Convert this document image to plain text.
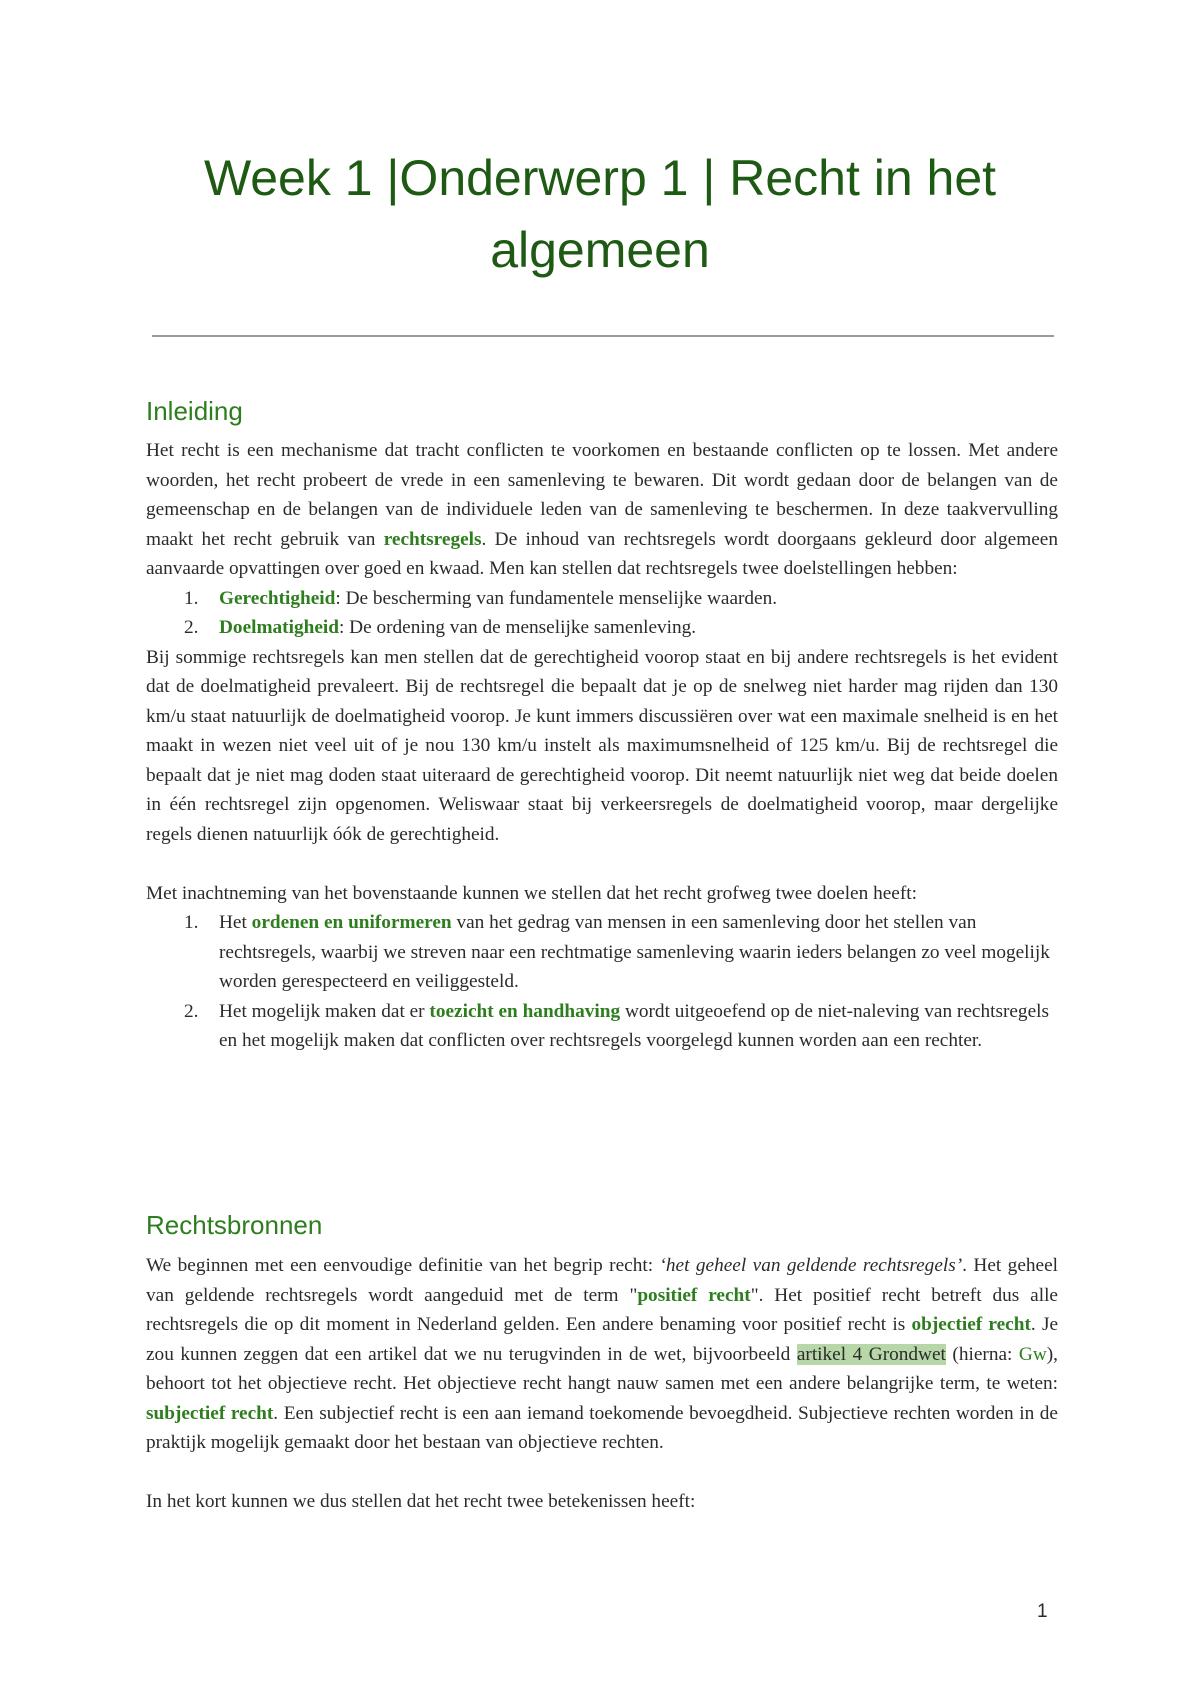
Week 1 |Onderwerp 1 | Recht in het algemeen
Inleiding

Het recht is een mechanisme dat tracht conflicten te voorkomen en bestaande conflicten op te lossen. Met andere woorden, het recht probeert de vrede in een samenleving te bewaren. Dit wordt gedaan door de belangen van de gemeenschap en de belangen van de individuele leden van de samenleving te beschermen. In deze taakvervulling maakt het recht gebruik van rechtsregels. De inhoud van rechtsregels wordt doorgaans gekleurd door algemeen aanvaarde opvattingen over goed en kwaad. Men kan stellen dat rechtsregels twee doelstellingen hebben:

1. Gerechtigheid: De bescherming van fundamentele menselijke waarden.
2. Doelmatigheid: De ordening van de menselijke samenleving.

Bij sommige rechtsregels kan men stellen dat de gerechtigheid voorop staat en bij andere rechtsregels is het evident dat de doelmatigheid prevaleert. Bij de rechtsregel die bepaalt dat je op de snelweg niet harder mag rijden dan 130 km/u staat natuurlijk de doelmatigheid voorop. Je kunt immers discussiëren over wat een maximale snelheid is en het maakt in wezen niet veel uit of je nou 130 km/u instelt als maximumsnelheid of 125 km/u. Bij de rechtsregel die bepaalt dat je niet mag doden staat uiteraard de gerechtigheid voorop. Dit neemt natuurlijk niet weg dat beide doelen in één rechtsregel zijn opgenomen. Weliswaar staat bij verkeersregels de doelmatigheid voorop, maar dergelijke regels dienen natuurlijk óók de gerechtigheid.

Met inachtneming van het bovenstaande kunnen we stellen dat het recht grofweg twee doelen heeft:

1. Het ordenen en uniformeren van het gedrag van mensen in een samenleving door het stellen van rechtsregels, waarbij we streven naar een rechtmatige samenleving waarin ieders belangen zo veel mogelijk worden gerespecteerd en veiliggesteld.
2. Het mogelijk maken dat er toezicht en handhaving wordt uitgeoefend op de niet-naleving van rechtsregels en het mogelijk maken dat conflicten over rechtsregels voorgelegd kunnen worden aan een rechter.
Rechtsbronnen

We beginnen met een eenvoudige definitie van het begrip recht: ‘het geheel van geldende rechtsregels’. Het geheel van geldende rechtsregels wordt aangeduid met de term "positief recht". Het positief recht betreft dus alle rechtsregels die op dit moment in Nederland gelden. Een andere benaming voor positief recht is objectief recht. Je zou kunnen zeggen dat een artikel dat we nu terugvinden in de wet, bijvoorbeeld artikel 4 Grondwet (hierna: Gw), behoort tot het objectieve recht. Het objectieve recht hangt nauw samen met een andere belangrijke term, te weten: subjectief recht. Een subjectief recht is een aan iemand toekomende bevoegdheid. Subjectieve rechten worden in de praktijk mogelijk gemaakt door het bestaan van objectieve rechten.

In het kort kunnen we dus stellen dat het recht twee betekenissen heeft:

1
